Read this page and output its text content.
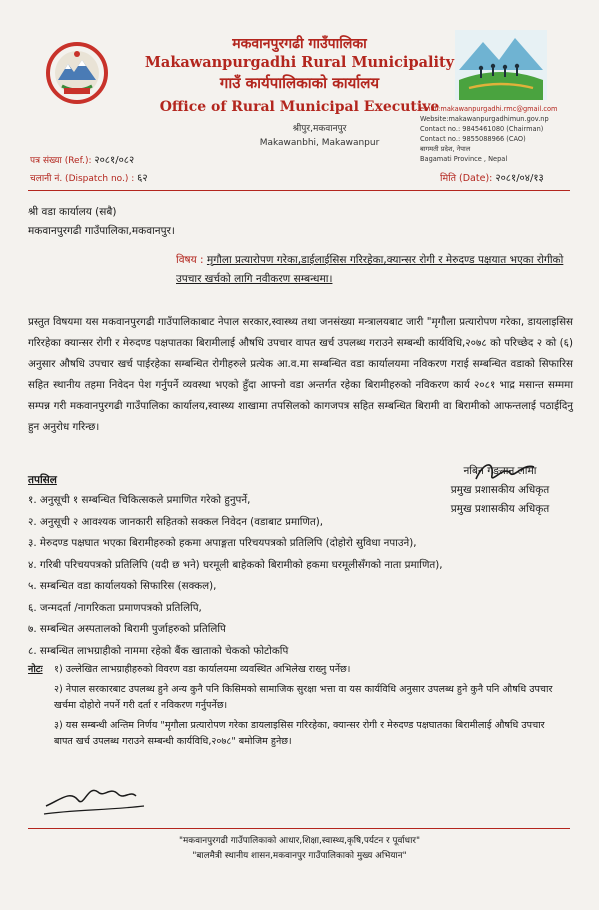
मकवानपुरगढी गाउँपालिका
Makawanpurgadhi Rural Municipality
गाउँ कार्यपालिकाको कार्यालय
Office of Rural Municipal Executive
श्रीपुर,मकवानपुर
Makawanbhi, Makawanpur
email:makawanpurgadhi.rmc@gmail.com
Website:makawanpurgadhimun.gov.np
Contact no.: 9845461080 (Chairman)
Contact no.: 9855088966 (CAO)
बागमती प्रदेश, नेपाल
Bagamati Province , Nepal
पत्र संख्या (Ref.): २०८१/०८२
चलानी नं. (Dispatch no.) : ६२	मिति (Date): २०८१/०४/१३
श्री वडा कार्यालय (सबै)
मकवानपुरगढी गाउँपालिका,मकवानपुर।
विषय : मृगौला प्रत्यारोपण गरेका,डाईलाईसिस गरिरहेका,क्यान्सर रोगी र मेरुदण्ड पक्षयात भएका रोगीको उपचार खर्चको लागि नवीकरण सम्बन्धमा।
प्रस्तुत विषयमा यस मकवानपुरगढी गाउँपालिकाबाट नेपाल सरकार,स्वास्थ्य तथा जनसंख्या मन्त्रालयबाट जारी "मृगौला प्रत्यारोपण गरेका, डायलाइसिस गरिरहेका क्यान्सर रोगी र मेरुदण्ड पक्षपातका बिरामीलाई औषधि उपचार वापत खर्च उपलब्ध गराउने सम्बन्धी कार्यविधि,२०७८ को परिच्छेद २ को (६) अनुसार औषधि उपचार खर्च पाईरहेका सम्बन्धित रोगीहरुले प्रत्येक आ.व.मा सम्बन्धित वडा कार्यालयमा नविकरण गराई सम्बन्धित वडाको सिफारिस सहित स्थानीय तहमा निवेदन पेश गर्नुपर्ने व्यवस्था भएको हुँदा आफ्नो वडा अन्तर्गत रहेका बिरामीहरुको नविकरण कार्य २०८१ भाद्र मसान्त सम्ममा सम्पन्न गरी मकवानपुरगढी गाउँपालिका कार्यालय,स्वास्थ्य शाखामा तपसिलको कागजपत्र सहित सम्बन्धित बिरामी वा बिरामीको आफन्तलाई पठाईदिनु हुन अनुरोध गरिन्छ।
नबिन गङतान लामा
प्रमुख प्रशासकीय अधिकृत
प्रमुख प्रशासकीय अधिकृत
तपसिल
१. अनुसूची १ सम्बन्धित चिकित्सकले प्रमाणित गरेको हुनुपर्ने,
२. अनुसूची २ आवश्यक जानकारी सहितको सक्कल निवेदन (वडाबाट प्रमाणित),
३. मेरुदण्ड पक्षघात भएका बिरामीहरुको हकमा अपाङ्गता परिचयपत्रको प्रतिलिपि (दोहोरो सुविधा नपाउने),
४. गरिबी परिचयपत्रको प्रतिलिपि (यदी छ भने) घरमूली बाहेकको बिरामीको हकमा घरमूलीसँगको नाता प्रमाणित),
५. सम्बन्धित वडा कार्यालयको सिफारिस (सक्कल),
६. जन्मदर्ता /नागरिकता प्रमाणपत्रको प्रतिलिपि,
७. सम्बन्धित अस्पतालको बिरामी पुर्जाहरुको प्रतिलिपि
८. सम्बन्धित लाभग्राहीको नाममा रहेको बैंक खाताको चेकको फोटोकपि
नोटः १) उल्लेखित लाभग्राहीहरुको विवरण वडा कार्यालयमा व्यवस्थित अभिलेख राख्नु पर्नेछ।
२) नेपाल सरकारबाट उपलब्ध हुने अन्य कुनै पनि किसिमको सामाजिक सुरक्षा भत्ता वा यस कार्यविधि अनुसार उपलब्ध हुने कुनै पनि औषधि उपचार खर्चमा दोहोरो नपर्ने गरी दर्ता र नविकरण गर्नुपर्नेछ।
३) यस सम्बन्धी अन्तिम निर्णय "मृगौला प्रत्यारोपण गरेका डायलाइसिस गरिरहेका, क्यान्सर रोगी र मेरुदण्ड पक्षघातका बिरामीलाई औषधि उपचार बापत खर्च उपलब्ध गराउने सम्बन्धी कार्यविधि,२०७८" बमोजिम हुनेछ।
"मकवानपुरगढी गाउँपालिकाको आधार,शिक्षा,स्वास्थ्य,कृषि,पर्यटन र पूर्वाधार"
"बालमैत्री स्थानीय शासन,मकवानपुर गाउँपालिकाको मुख्य अभियान"
